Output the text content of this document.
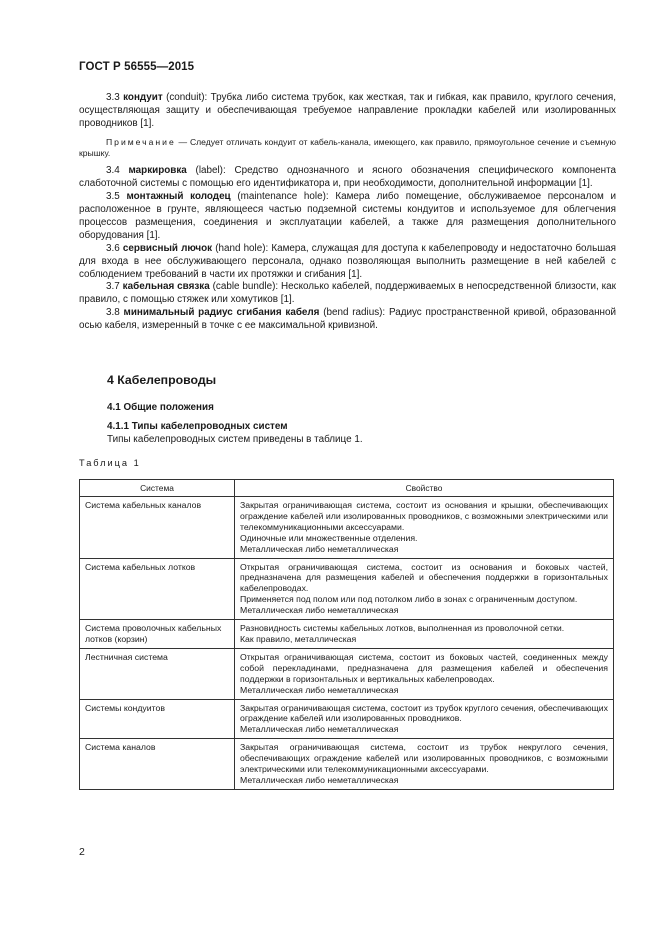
ГОСТ Р 56555—2015

3.3 кондуит (conduit): Трубка либо система трубок, как жесткая, так и гибкая, как правило, круглого сечения, осуществляющая защиту и обеспечивающая требуемое направление прокладки кабелей или изолированных проводников [1].

Примечание — Следует отличать кондуит от кабель-канала, имеющего, как правило, прямоугольное сечение и съемную крышку.

3.4 маркировка (label): Средство однозначного и ясного обозначения специфического компонента слаботочной системы с помощью его идентификатора и, при необходимости, дополнительной информации [1].

3.5 монтажный колодец (maintenance hole): Камера либо помещение, обслуживаемое персоналом и расположенное в грунте, являющееся частью подземной системы кондуитов и используемое для облегчения процессов размещения, соединения и эксплуатации кабелей, а также для размещения дополнительного оборудования [1].

3.6 сервисный лючок (hand hole): Камера, служащая для доступа к кабелепроводу и недостаточно большая для входа в нее обслуживающего персонала, однако позволяющая выполнить размещение в ней кабелей с соблюдением требований в части их протяжки и сгибания [1].

3.7 кабельная связка (cable bundle): Несколько кабелей, поддерживаемых в непосредственной близости, как правило, с помощью стяжек или хомутиков [1].

3.8 минимальный радиус сгибания кабеля (bend radius): Радиус пространственной кривой, образованной осью кабеля, измеренный в точке с ее максимальной кривизной.

4 Кабелепроводы
4.1 Общие положения
4.1.1 Типы кабелепроводных систем
Типы кабелепроводных систем приведены в таблице 1.
Таблица 1
Система	Свойство
Система кабельных каналов	Закрытая ограничивающая система, состоит из основания и крышки, обеспечивающих ограждение кабелей или изолированных проводников, с возможными электрическими или телекоммуникационными аксессуарами.
Одиночные или множественные отделения.
Металлическая либо неметаллическая

Система кабельных лотков	Открытая ограничивающая система, состоит из основания и боковых частей, предназначена для размещения кабелей и обеспечения поддержки в горизонтальных кабелепроводах.
Применяется под полом или под потолком либо в зонах с ограниченным доступом.
Металлическая либо неметаллическая

Система проволочных кабельных лотков (корзин)	Разновидность системы кабельных лотков, выполненная из проволочной сетки.
Как правило, металлическая

Лестничная система	Открытая ограничивающая система, состоит из боковых частей, соединенных между собой перекладинами, предназначена для размещения кабелей и обеспечения поддержки в горизонтальных и вертикальных кабелепроводах.
Металлическая либо неметаллическая

Системы кондуитов	Закрытая ограничивающая система, состоит из трубок круглого сечения, обеспечивающих ограждение кабелей или изолированных проводников.
Металлическая либо неметаллическая

Система каналов	Закрытая ограничивающая система, состоит из трубок некруглого сечения, обеспечивающих ограждение кабелей или изолированных проводников, с возможными электрическими или телекоммуникационными аксессуарами.
Металлическая либо неметаллическая
2
